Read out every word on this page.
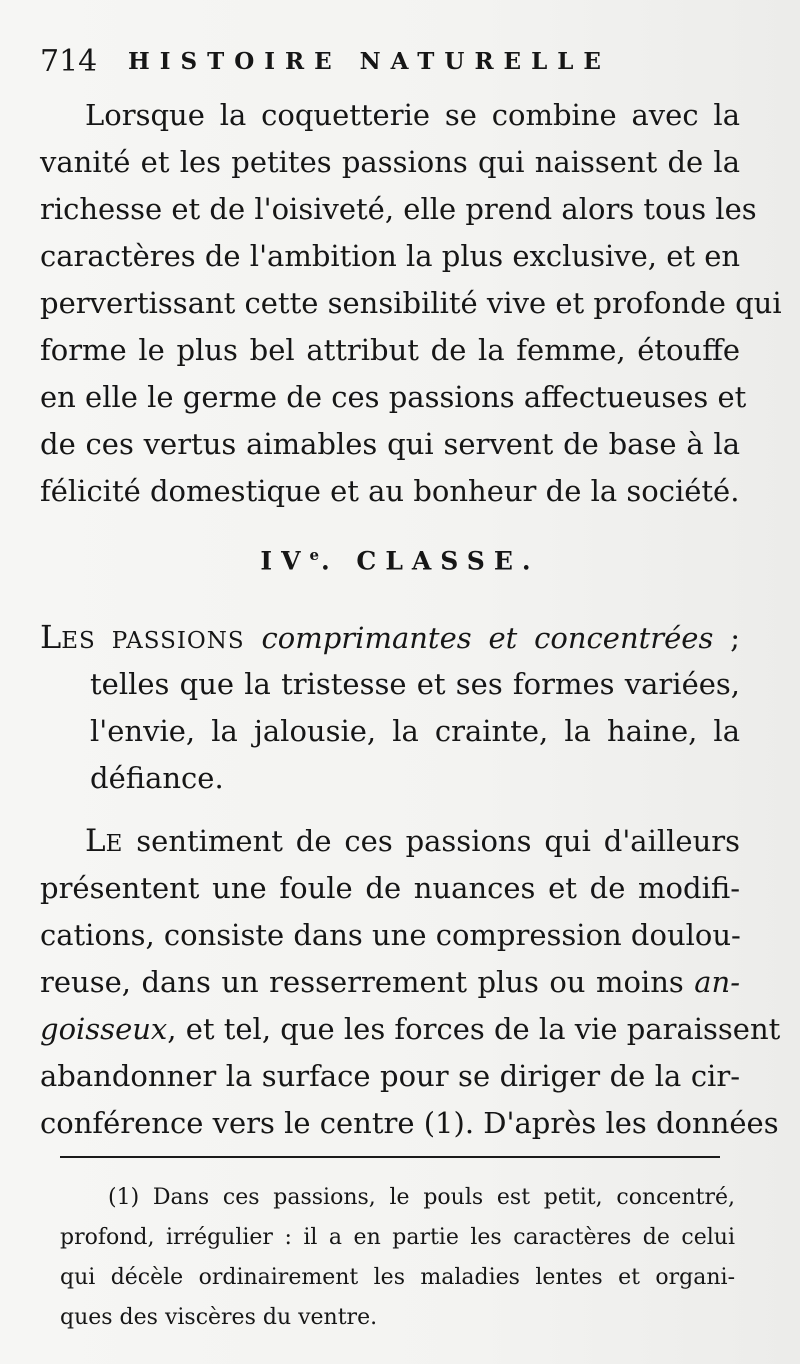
714 HISTOIRE NATURELLE
Lorsque la coquetterie se combine avec la
vanité et les petites passions qui naissent de la
richesse et de l'oisiveté, elle prend alors tous les
caractères de l'ambition la plus exclusive, et en
pervertissant cette sensibilité vive et profonde qui
forme le plus bel attribut de la femme, étouffe
en elle le germe de ces passions affectueuses et
de ces vertus aimables qui servent de base à la
félicité domestique et au bonheur de la société.
IVe. CLASSE.
LES PASSIONS comprimantes et concentrées ;
telles que la tristesse et ses formes variées,
l'envie, la jalousie, la crainte, la haine, la
défiance.
LE sentiment de ces passions qui d'ailleurs
présentent une foule de nuances et de modifi-
cations, consiste dans une compression doulou-
reuse, dans un resserrement plus ou moins an-
goisseux, et tel, que les forces de la vie paraissent
abandonner la surface pour se diriger de la cir-
conférence vers le centre (1). D'après les données
(1) Dans ces passions, le pouls est petit, concentré,
profond, irrégulier : il a en partie les caractères de celui
qui décèle ordinairement les maladies lentes et organi-
ques des viscères du ventre.
